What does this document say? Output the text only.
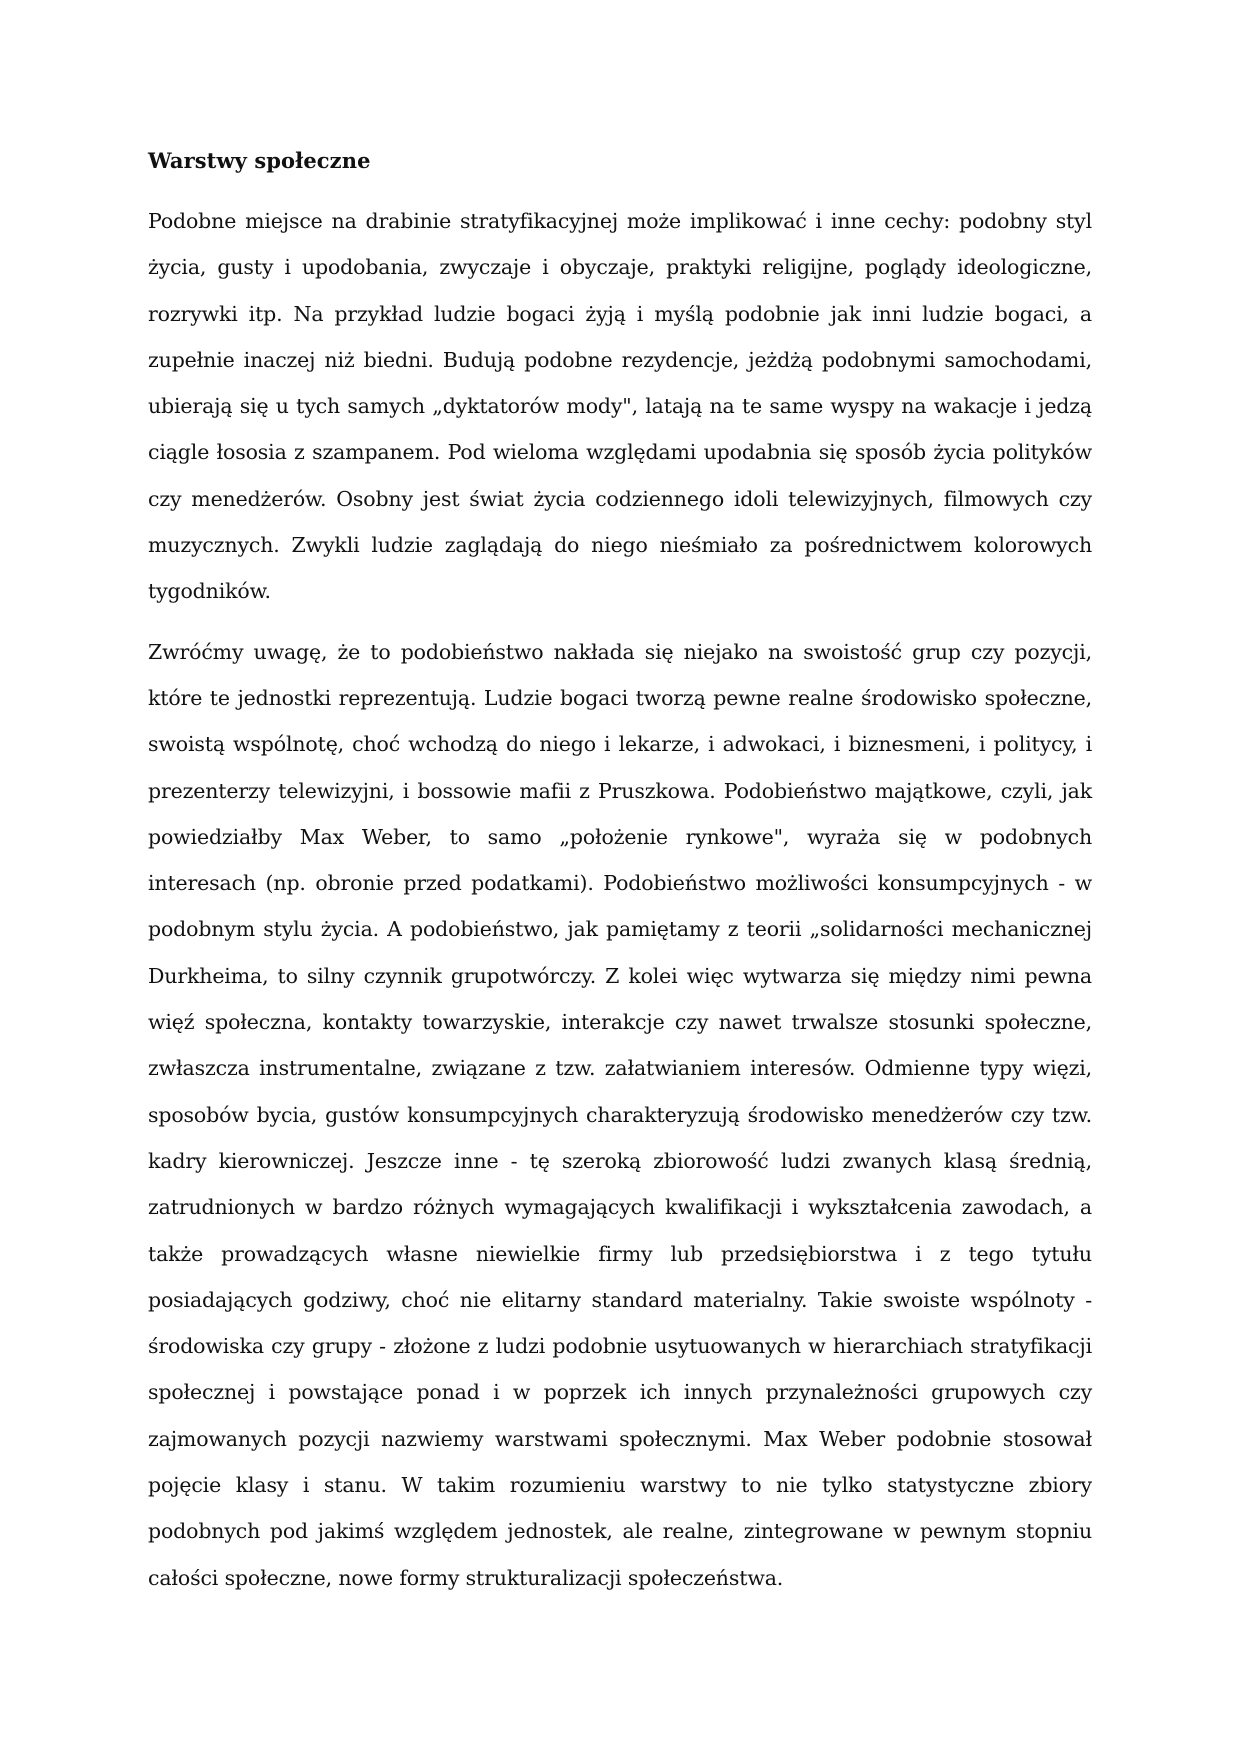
Warstwy społeczne

Podobne miejsce na drabinie stratyfikacyjnej może implikować i inne cechy: podobny styl życia, gusty i upodobania, zwyczaje i obyczaje, praktyki religijne, poglądy ideologiczne, rozrywki itp. Na przykład ludzie bogaci żyją i myślą podobnie jak inni ludzie bogaci, a zupełnie inaczej niż biedni. Budują podobne rezydencje, jeżdżą podobnymi samochodami, ubierają się u tych samych „dyktatorów mody", latają na te same wyspy na wakacje i jedzą ciągle łososia z szampanem. Pod wieloma względami upodabnia się sposób życia polityków czy menedżerów. Osobny jest świat życia codziennego idoli telewizyjnych, filmowych czy muzycznych. Zwykli ludzie zaglądają do niego nieśmiało za pośrednictwem kolorowych tygodników.

Zwróćmy uwagę, że to podobieństwo nakłada się niejako na swoistość grup czy pozycji, które te jednostki reprezentują. Ludzie bogaci tworzą pewne realne środowisko społeczne, swoistą wspólnotę, choć wchodzą do niego i lekarze, i adwokaci, i biznesmeni, i politycy, i prezenterzy telewizyjni, i bossowie mafii z Pruszkowa. Podobieństwo majątkowe, czyli, jak powiedziałby Max Weber, to samo „położenie rynkowe", wyraża się w podobnych interesach (np. obronie przed podatkami). Podobieństwo możliwości konsumpcyjnych - w podobnym stylu życia. A podobieństwo, jak pamiętamy z teorii „solidarności mechanicznej Durkheima, to silny czynnik grupotwórczy. Z kolei więc wytwarza się między nimi pewna więź społeczna, kontakty towarzyskie, interakcje czy nawet trwalsze stosunki społeczne, zwłaszcza instrumentalne, związane z tzw. załatwianiem interesów. Odmienne typy więzi, sposobów bycia, gustów konsumpcyjnych charakteryzują środowisko menedżerów czy tzw. kadry kierowniczej. Jeszcze inne - tę szeroką zbiorowość ludzi zwanych klasą średnią, zatrudnionych w bardzo różnych wymagających kwalifikacji i wykształcenia zawodach, a także prowadzących własne niewielkie firmy lub przedsiębiorstwa i z tego tytułu posiadających godziwy, choć nie elitarny standard materialny. Takie swoiste wspólnoty - środowiska czy grupy - złożone z ludzi podobnie usytuowanych w hierarchiach stratyfikacji społecznej i powstające ponad i w poprzek ich innych przynależności grupowych czy zajmowanych pozycji nazwiemy warstwami społecznymi. Max Weber podobnie stosował pojęcie klasy i stanu. W takim rozumieniu warstwy to nie tylko statystyczne zbiory podobnych pod jakimś względem jednostek, ale realne, zintegrowane w pewnym stopniu całości społeczne, nowe formy strukturalizacji społeczeństwa.
